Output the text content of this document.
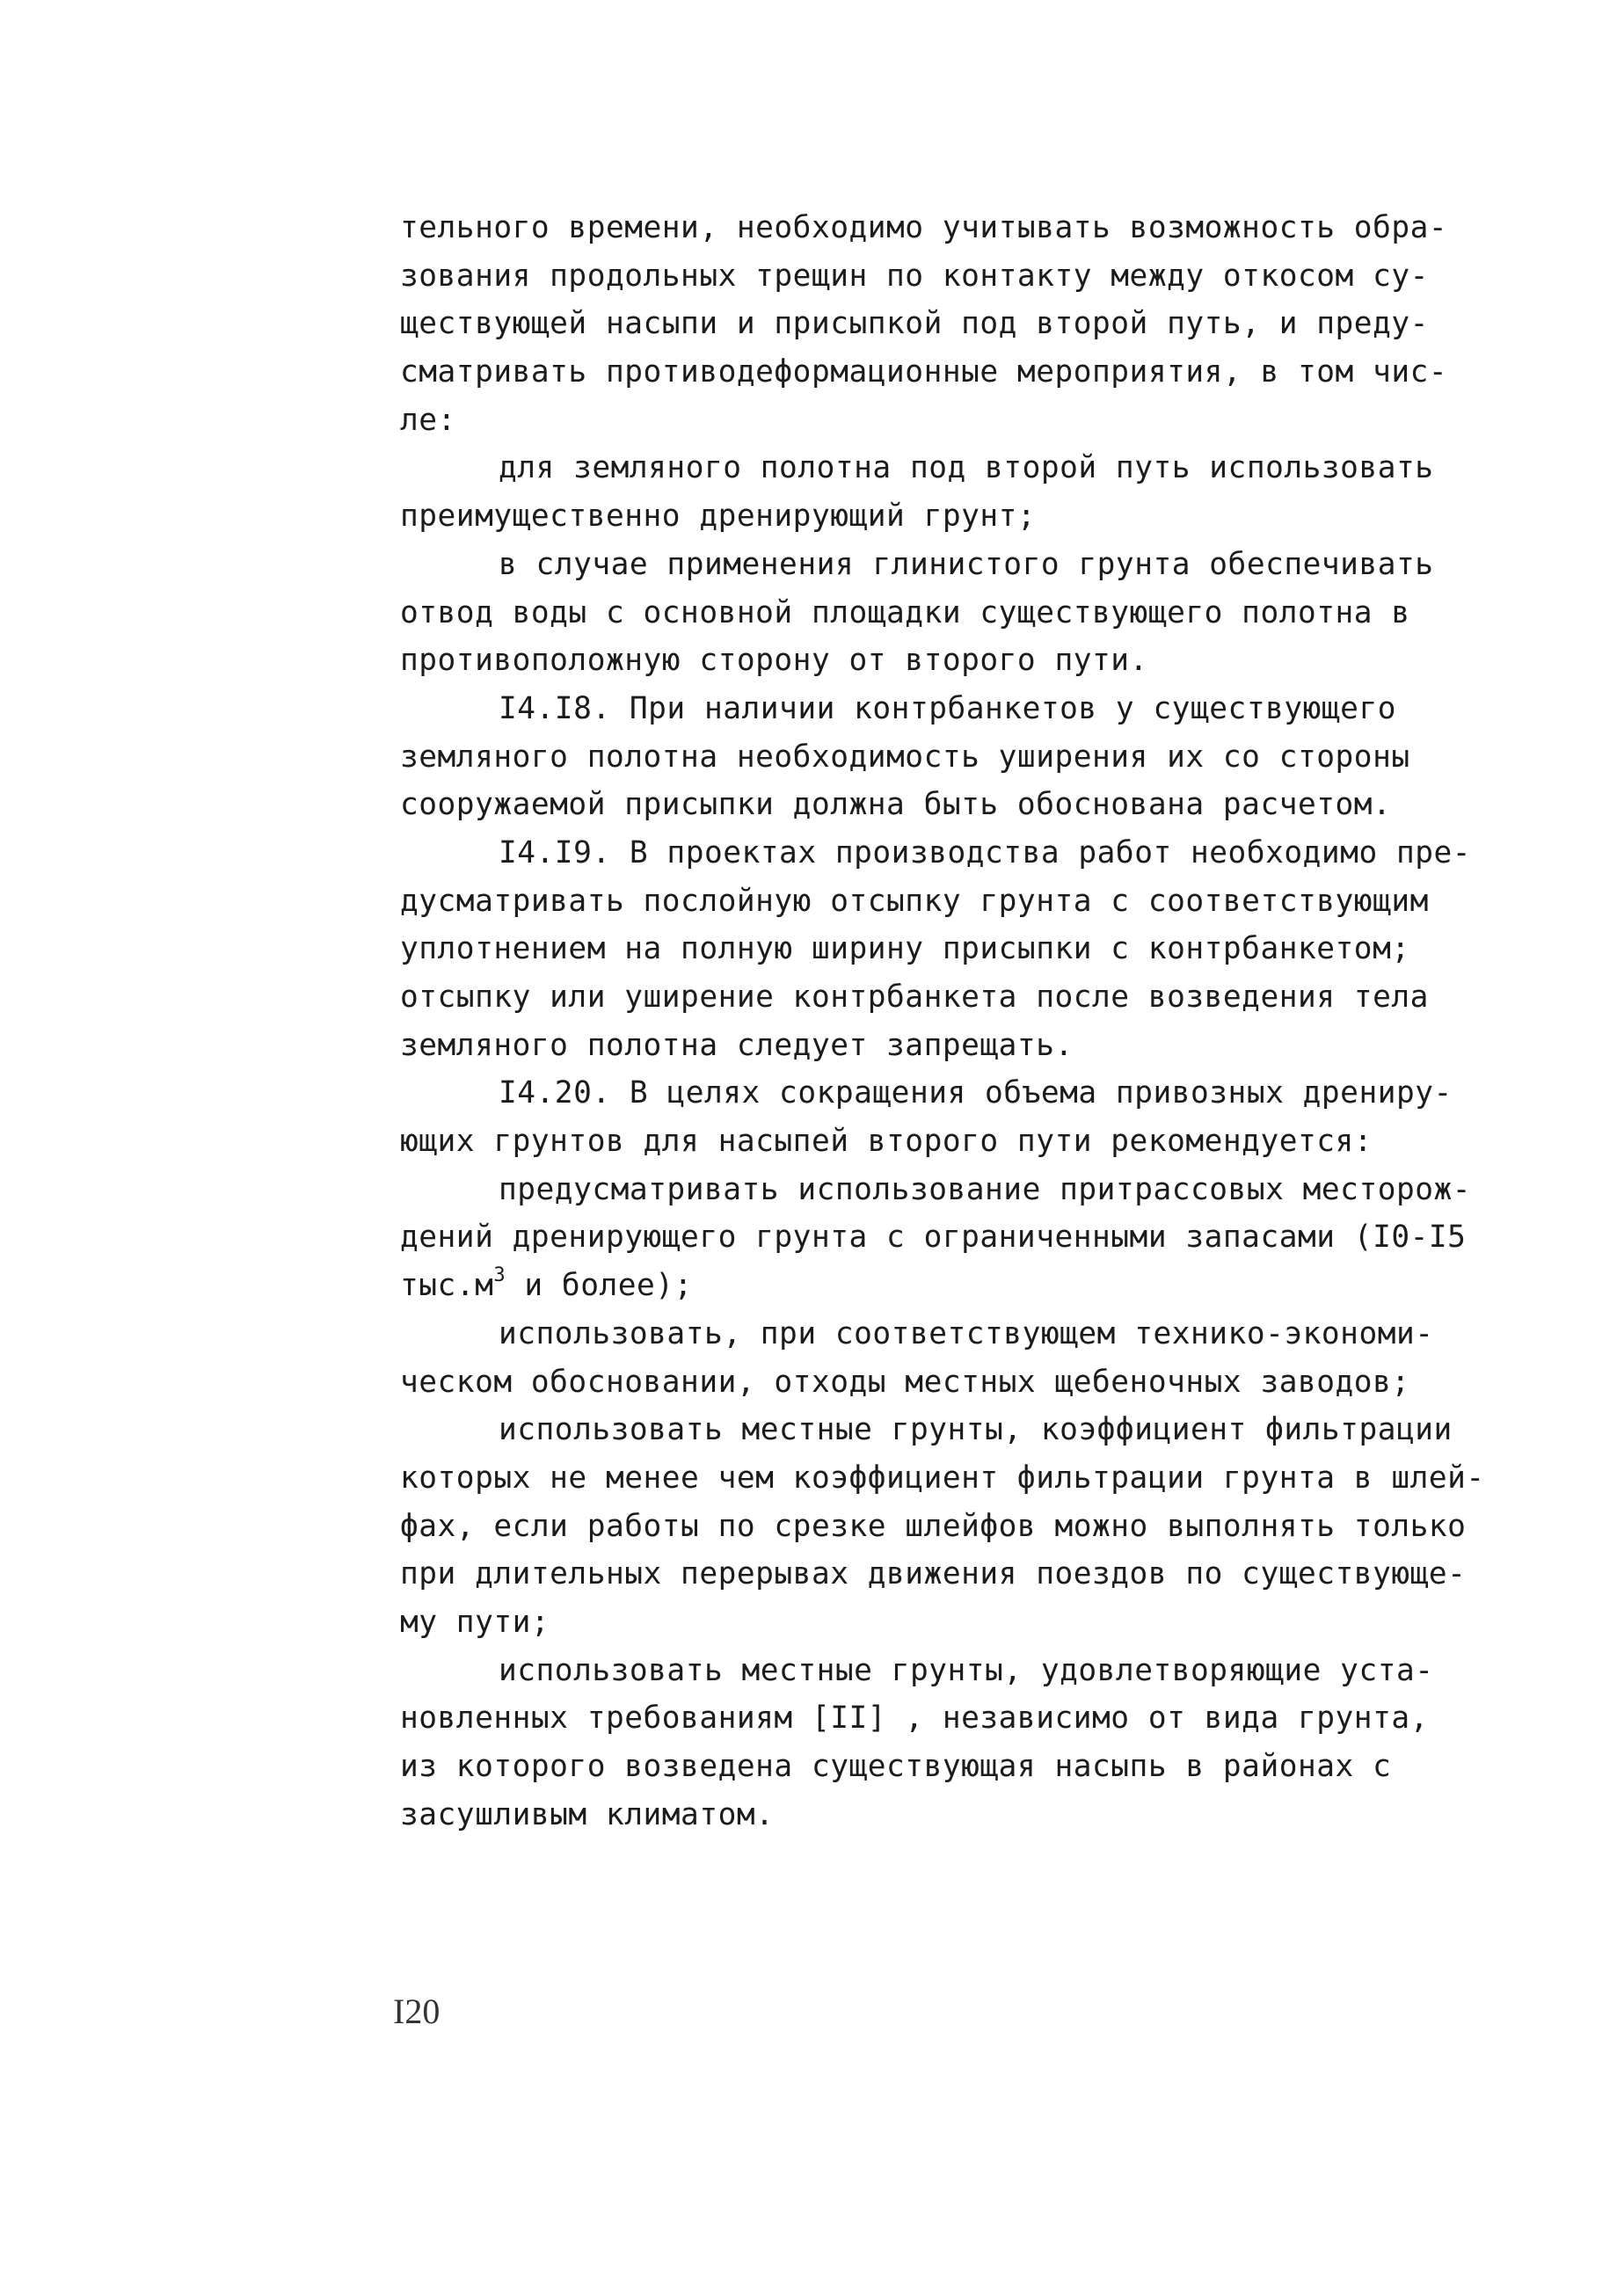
тельного времени, необходимо учитывать возможность обра-
зования продольных трещин по контакту между откосом су-
ществующей насыпи и присыпкой под второй путь, и преду-
сматривать противодеформационные мероприятия, в том чис-
ле:
для земляного полотна под второй путь использовать
преимущественно дренирующий грунт;
в случае применения глинистого грунта обеспечивать
отвод воды с основной площадки существующего полотна в
противоположную сторону от второго пути.
I4.I8. При наличии контрбанкетов у существующего
земляного полотна необходимость уширения их со стороны
сооружаемой присыпки должна быть обоснована расчетом.
I4.I9. В проектах производства работ необходимо пре-
дусматривать послойную отсыпку грунта с соответствующим
уплотнением на полную ширину присыпки с контрбанкетом;
отсыпку или уширение контрбанкета после возведения тела
земляного полотна следует запрещать.
I4.20. В целях сокращения объема привозных дрениру-
ющих грунтов для насыпей второго пути рекомендуется:
предусматривать использование притрассовых месторож-
дений дренирующего грунта с ограниченными запасами (I0-I5
$тыс.м^3$ и более);
использовать, при соответствующем технико-экономи-
ческом обосновании, отходы местных щебеночных заводов;
использовать местные грунты, коэффициент фильтрации
которых не менее чем коэффициент фильтрации грунта в шлей-
фах, если работы по срезке шлейфов можно выполнять только
при длительных перерывах движения поездов по существующе-
му пути;
использовать местные грунты, удовлетворяющие уста-
новленных требованиям [II] , независимо от вида грунта,
из которого возведена существующая насыпь в районах с
засушливым климатом.
I20
